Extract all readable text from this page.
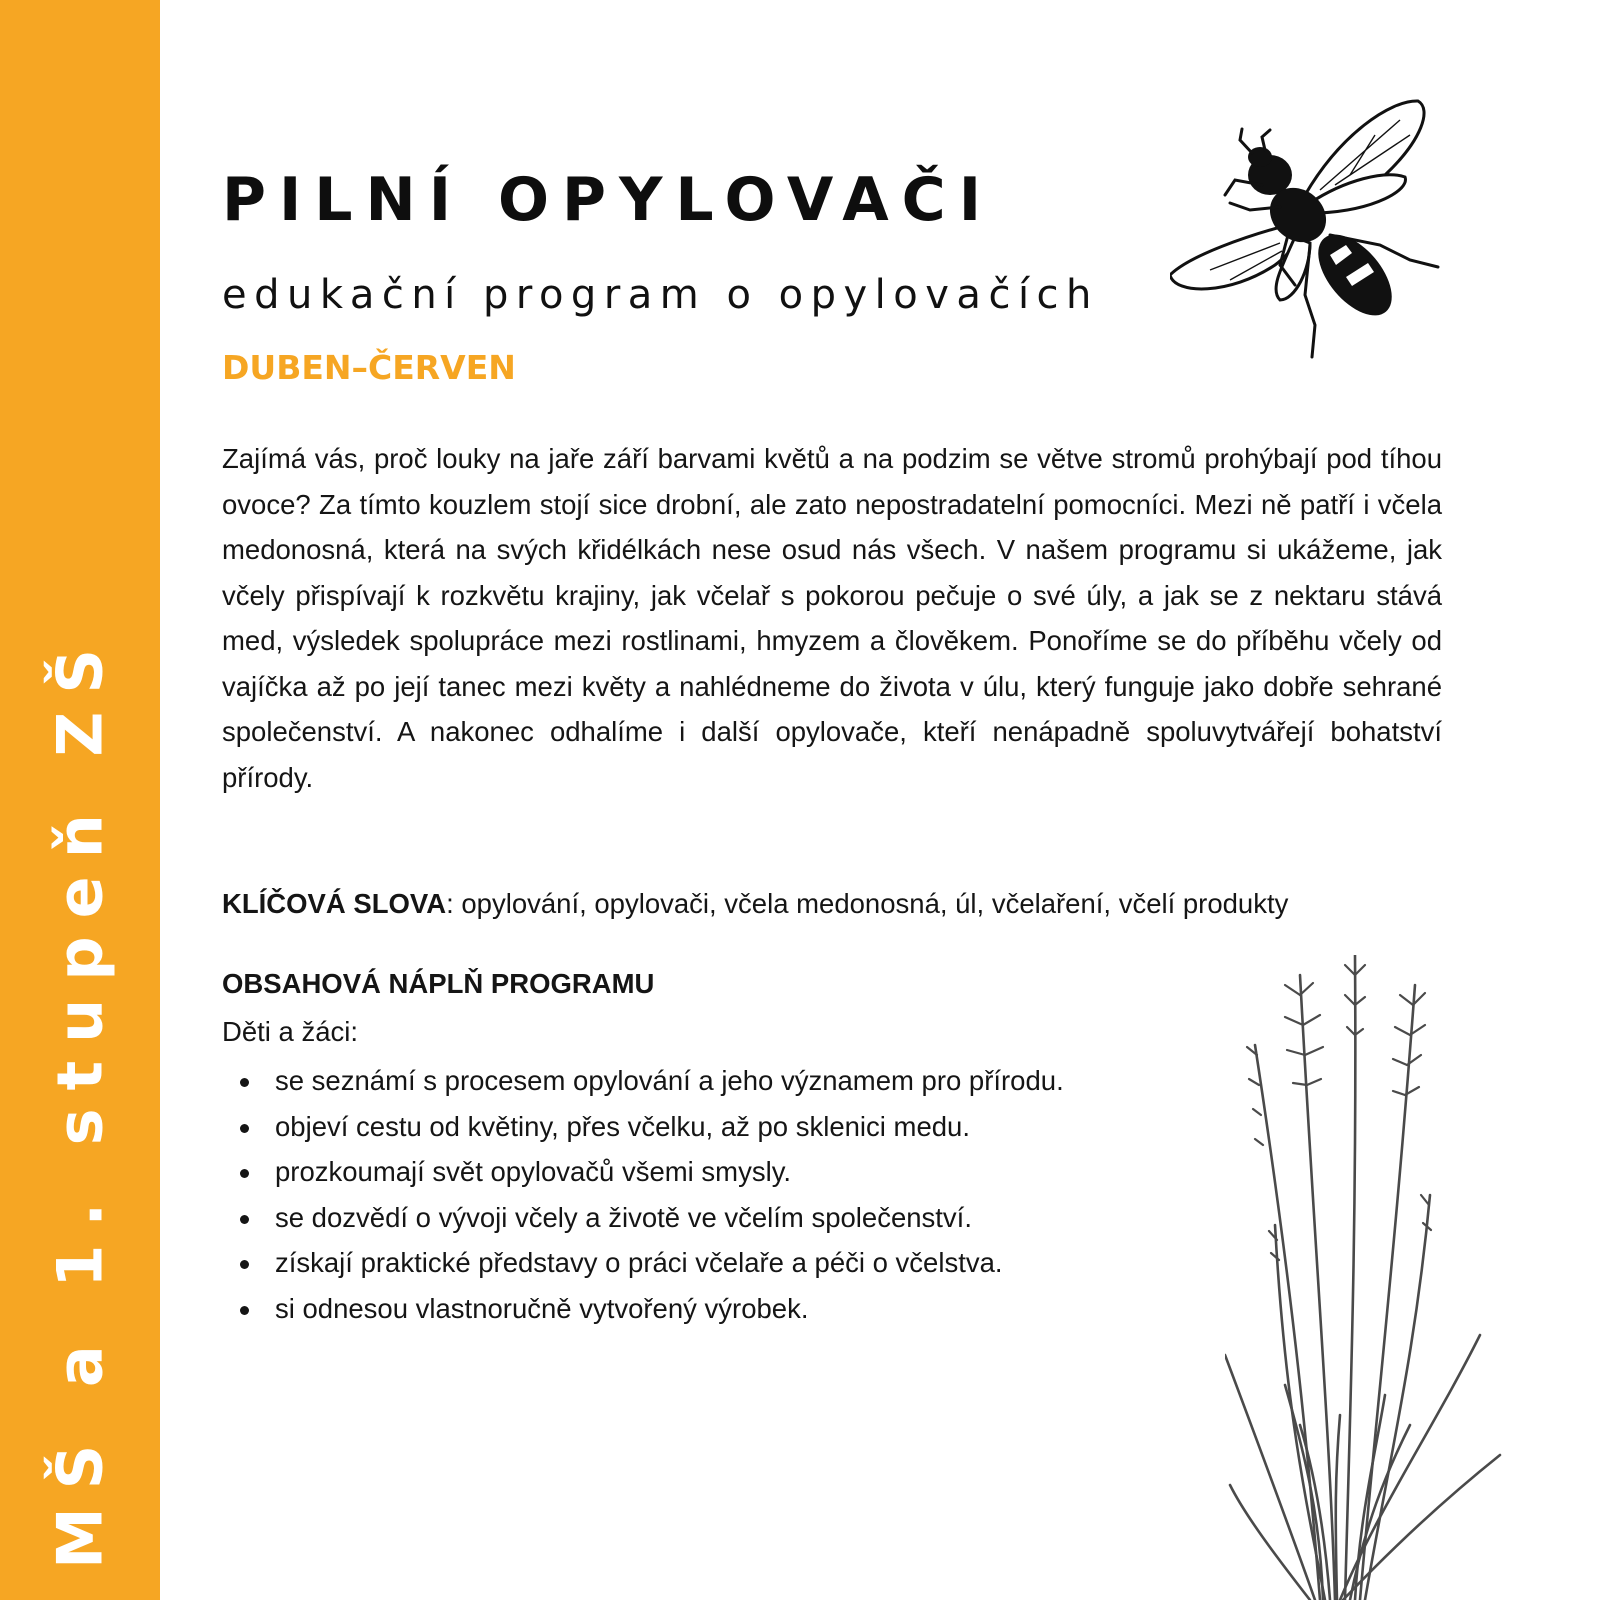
MŠ a 1. stupeň ZŠ
PILNÍ OPYLOVAČI
edukační program o opylovačích
DUBEN–ČERVEN

Zajímá vás, proč louky na jaře září barvami květů a na podzim se větve stromů prohýbají pod tíhou ovoce? Za tímto kouzlem stojí sice drobní, ale zato nepostradatelní pomocníci. Mezi ně patří i včela medonosná, která na svých křidélkách nese osud nás všech. V našem programu si ukážeme, jak včely přispívají k rozkvětu krajiny, jak včelař s pokorou pečuje o své úly, a jak se z nektaru stává med, výsledek spolupráce mezi rostlinami, hmyzem a člověkem. Ponoříme se do příběhu včely od vajíčka až po její tanec mezi květy a nahlédneme do života v úlu, který funguje jako dobře sehrané společenství. A nakonec odhalíme i další opylovače, kteří nenápadně spoluvytvářejí bohatství přírody.

KLÍČOVÁ SLOVA: opylování, opylovači, včela medonosná, úl, včelaření, včelí produkty

OBSAHOVÁ NÁPLŇ PROGRAMU

Děti a žáci:

se seznámí s procesem opylování a jeho významem pro přírodu.
objeví cestu od květiny, přes včelku, až po sklenici medu.
prozkoumají svět opylovačů všemi smysly.
se dozvědí o vývoji včely a životě ve včelím společenství.
získají praktické představy o práci včelaře a péči o včelstva.
si odnesou vlastnoručně vytvořený výrobek.
